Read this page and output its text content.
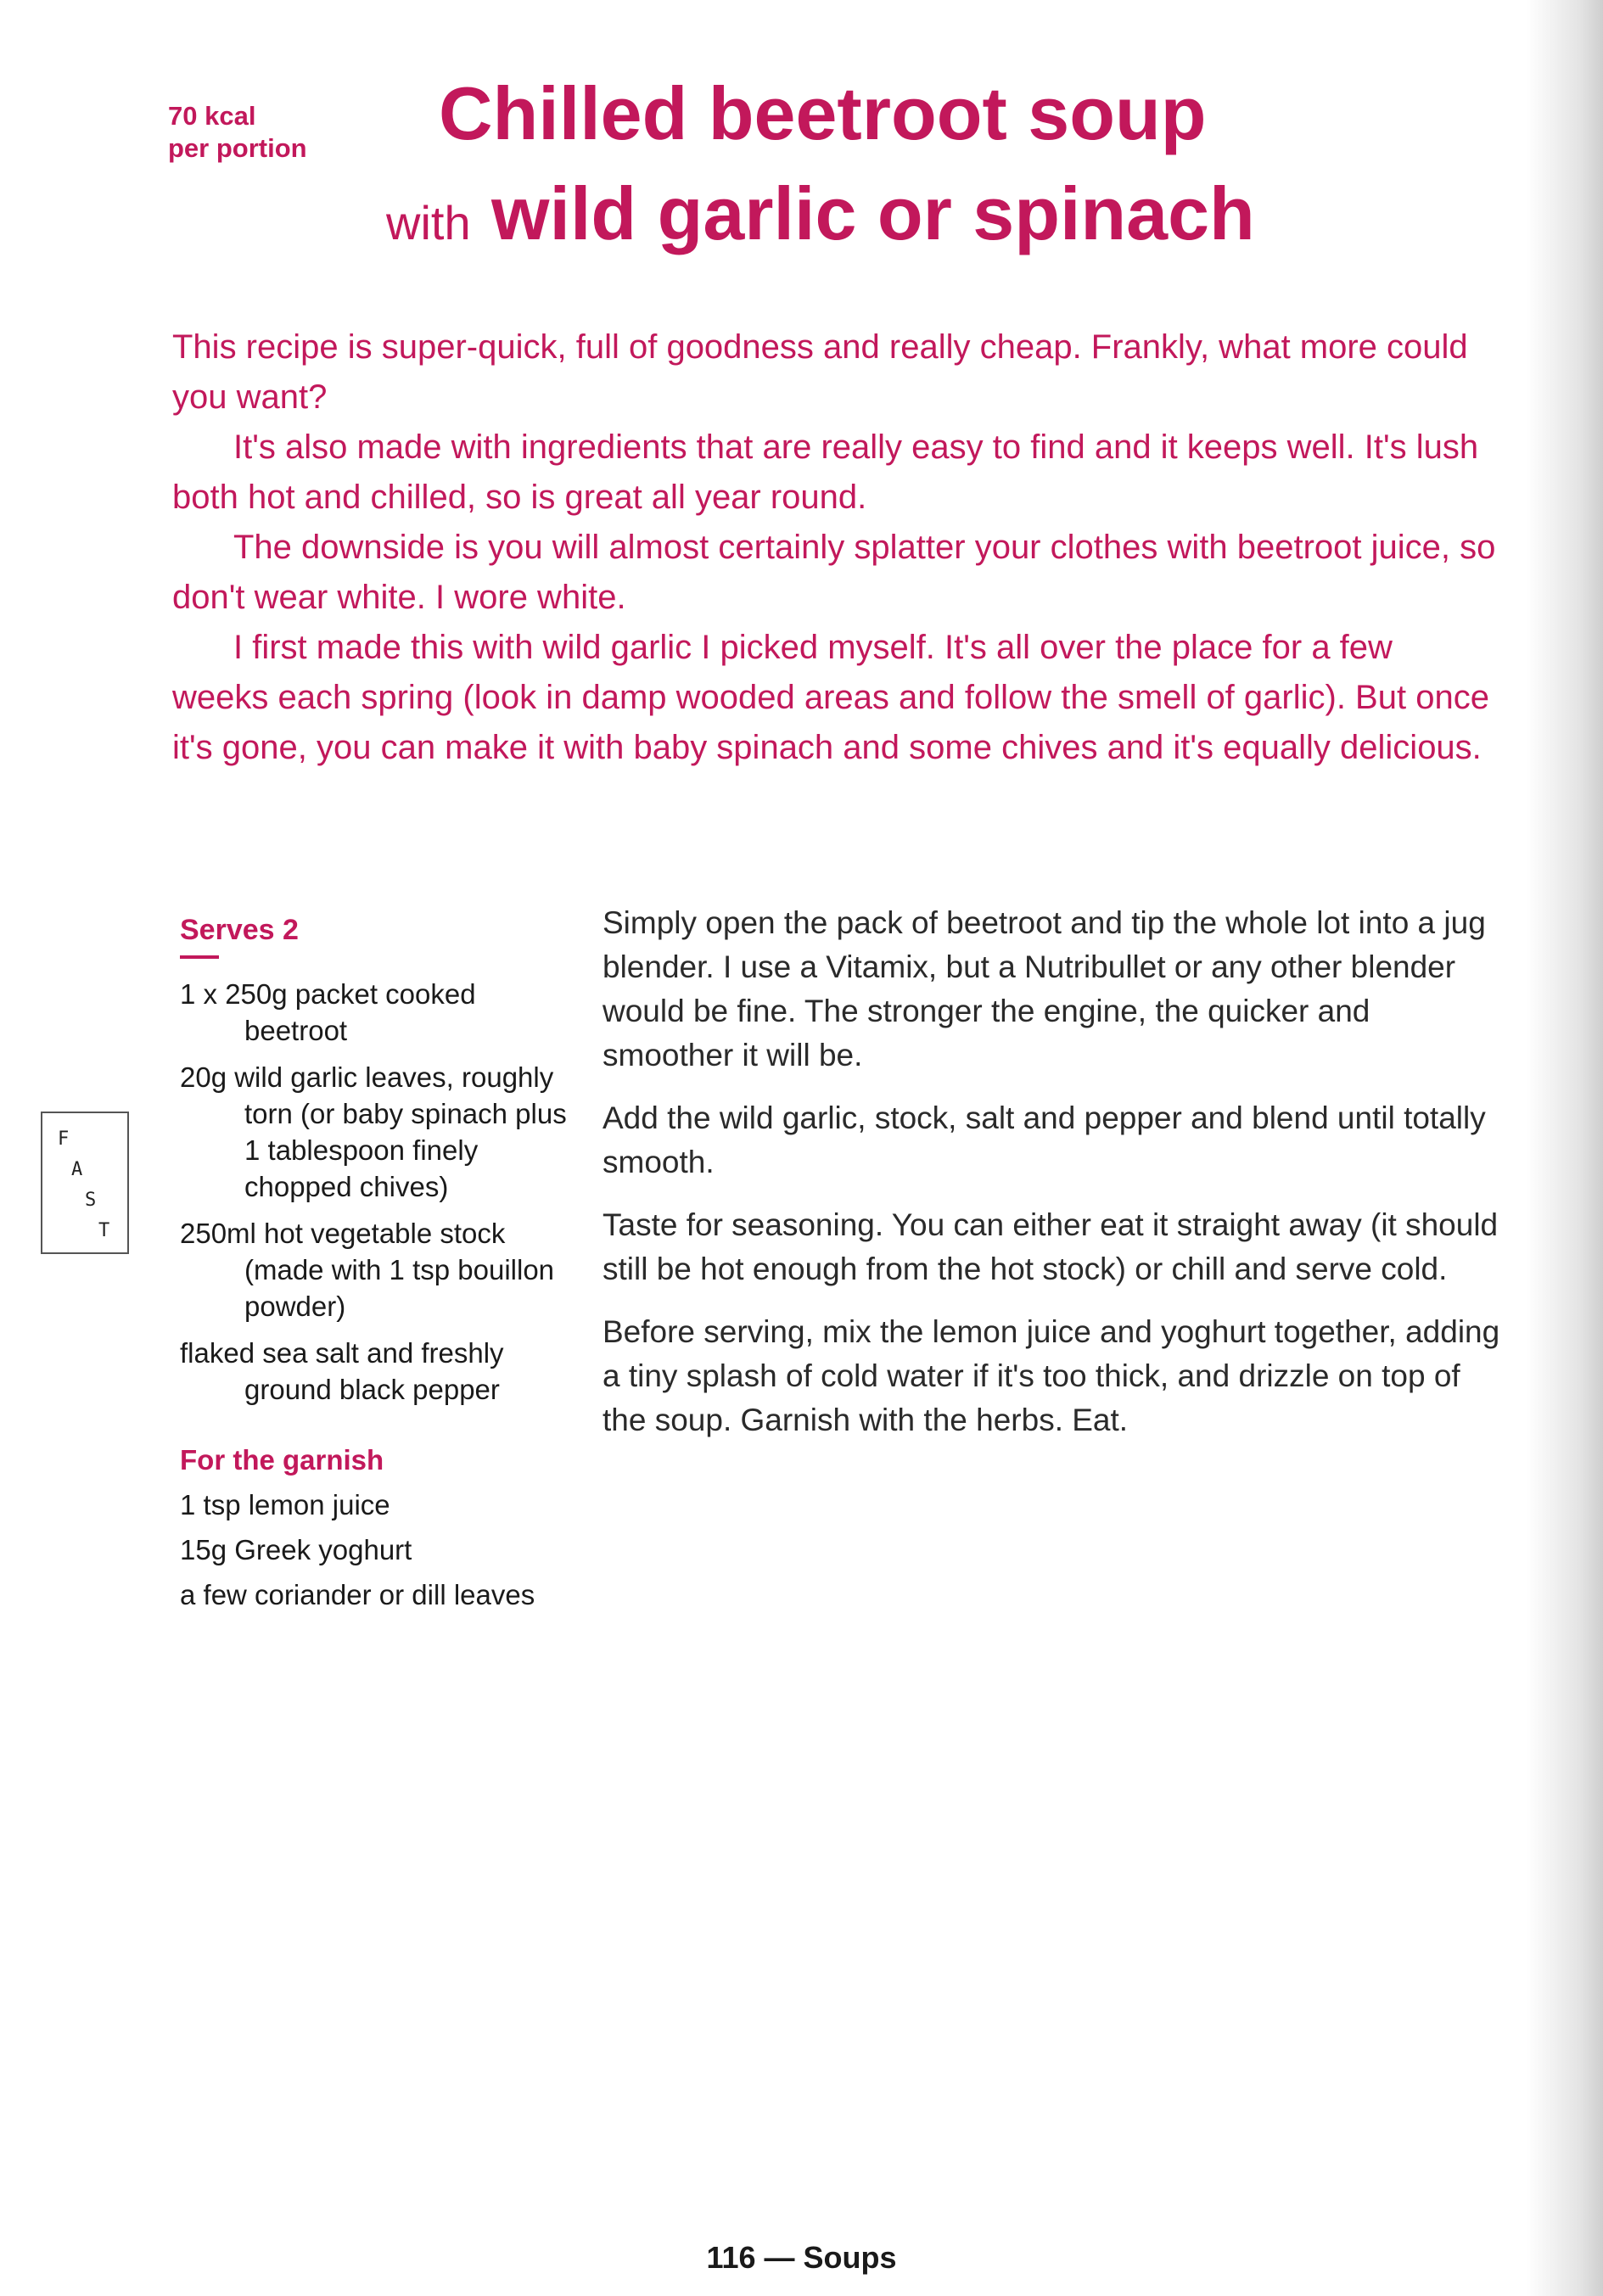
70 kcal
per portion	Chilled beetroot soup
with wild garlic or spinach

This recipe is super-quick, full of goodness and really cheap. Frankly, what more could you want?

It's also made with ingredients that are really easy to find and it keeps well. It's lush both hot and chilled, so is great all year round.

The downside is you will almost certainly splatter your clothes with beetroot juice, so don't wear white. I wore white.

I first made this with wild garlic I picked myself. It's all over the place for a few weeks each spring (look in damp wooded areas and follow the smell of garlic). But once it's gone, you can make it with baby spinach and some chives and it's equally delicious.

F
A
S
T
Serves 2
1 x 250g packet cooked beetroot
20g wild garlic leaves, roughly torn (or baby spinach plus 1 tablespoon finely chopped chives)
250ml hot vegetable stock (made with 1 tsp bouillon powder)
flaked sea salt and freshly ground black pepper
For the garnish
1 tsp lemon juice
15g Greek yoghurt
a few coriander or dill leaves

Simply open the pack of beetroot and tip the whole lot into a jug blender. I use a Vitamix, but a Nutribullet or any other blender would be fine. The stronger the engine, the quicker and smoother it will be.

Add the wild garlic, stock, salt and pepper and blend until totally smooth.

Taste for seasoning. You can either eat it straight away (it should still be hot enough from the hot stock) or chill and serve cold.

Before serving, mix the lemon juice and yoghurt together, adding a tiny splash of cold water if it's too thick, and drizzle on top of the soup. Garnish with the herbs. Eat.

116 — Soups
